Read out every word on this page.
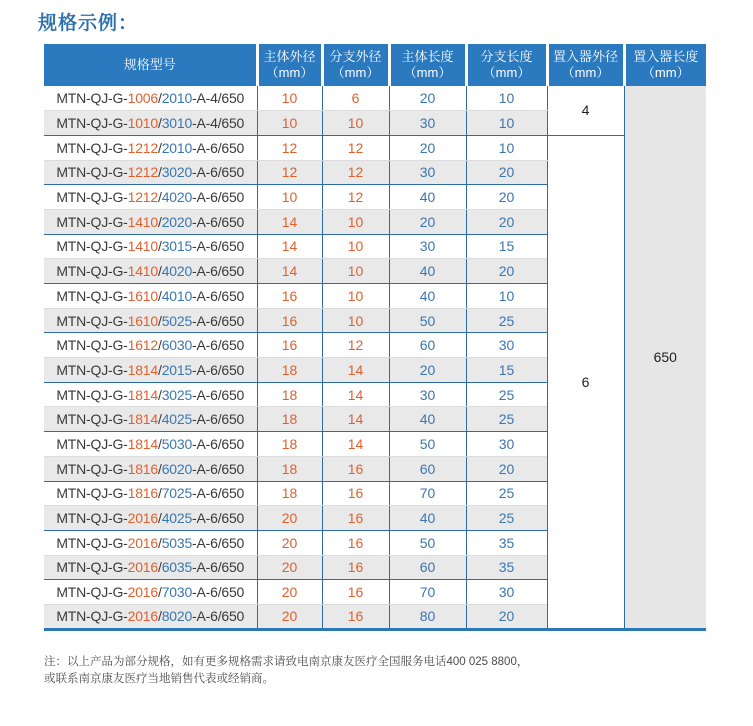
规格示例：
规格型号

主体外径
（mm）

分支外径
（mm）

主体长度
（mm）

分支长度
（mm）

置入器外径
（mm）

置入器长度
（mm）

MTN-QJ-G-1006/2010-A-4/650	10	6	20	10	4	650
MTN-QJ-G-1010/3010-A-4/650	10	10	30	10		
MTN-QJ-G-1212/2010-A-6/650	12	12	20	10	6	
MTN-QJ-G-1212/3020-A-6/650	12	12	30	20		
MTN-QJ-G-1212/4020-A-6/650	10	12	40	20		
MTN-QJ-G-1410/2020-A-6/650	14	10	20	20		
MTN-QJ-G-1410/3015-A-6/650	14	10	30	15		
MTN-QJ-G-1410/4020-A-6/650	14	10	40	20		
MTN-QJ-G-1610/4010-A-6/650	16	10	40	10		
MTN-QJ-G-1610/5025-A-6/650	16	10	50	25		
MTN-QJ-G-1612/6030-A-6/650	16	12	60	30		
MTN-QJ-G-1814/2015-A-6/650	18	14	20	15		
MTN-QJ-G-1814/3025-A-6/650	18	14	30	25		
MTN-QJ-G-1814/4025-A-6/650	18	14	40	25		
MTN-QJ-G-1814/5030-A-6/650	18	14	50	30		
MTN-QJ-G-1816/6020-A-6/650	18	16	60	20		
MTN-QJ-G-1816/7025-A-6/650	18	16	70	25		
MTN-QJ-G-2016/4025-A-6/650	20	16	40	25		
MTN-QJ-G-2016/5035-A-6/650	20	16	50	35		
MTN-QJ-G-2016/6035-A-6/650	20	16	60	35		
MTN-QJ-G-2016/7030-A-6/650	20	16	70	30		
MTN-QJ-G-2016/8020-A-6/650	20	16	80	20		
注：以上产品为部分规格，如有更多规格需求请致电南京康友医疗全国服务电话400 025 8800，
或联系南京康友医疗当地销售代表或经销商。
